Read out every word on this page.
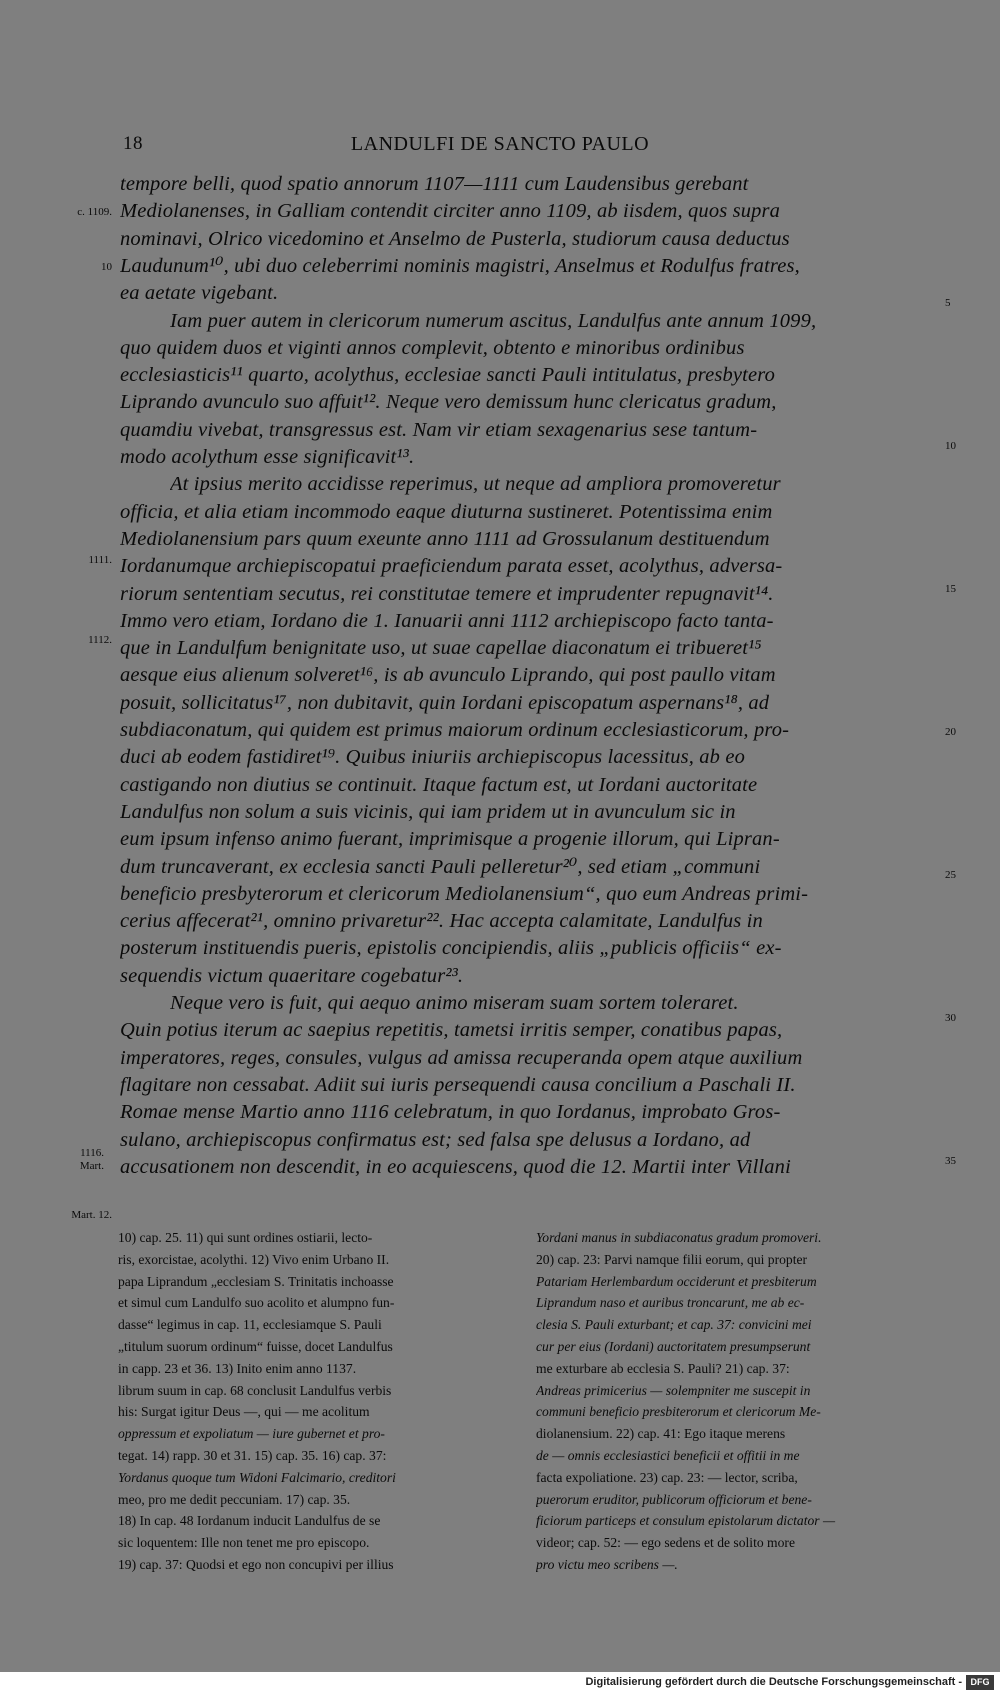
18	LANDULFI DE SANCTO PAULO
tempore belli, quod spatio annorum 1107—1111 cum Laudensibus gerebant
Mediolanenses, in Galliam contendit circiter anno 1109, ab iisdem, quos supra
nominavi, Olrico vicedomino et Anselmo de Pusterla, studiorum causa deductus
Laudunum¹⁰, ubi duo celeberrimi nominis magistri, Anselmus et Rodulfus fratres,
ea aetate vigebant.
Iam puer autem in clericorum numerum ascitus, Landulfus ante annum 1099,
quo quidem duos et viginti annos complevit, obtento e minoribus ordinibus
ecclesiasticis¹¹ quarto, acolythus, ecclesiae sancti Pauli intitulatus, presbytero
Liprando avunculo suo affuit¹². Neque vero demissum hunc clericatus gradum,
quamdiu vivebat, transgressus est. Nam vir etiam sexagenarius sese tantum-
modo acolythum esse significavit¹³.
At ipsius merito accidisse reperimus, ut neque ad ampliora promoveretur
officia, et alia etiam incommodo eaque diuturna sustineret. Potentissima enim
Mediolanensium pars quum exeunte anno 1111 ad Grossulanum destituendum
Iordanumque archiepiscopatui praeficiendum parata esset, acolythus, adversa-
riorum sententiam secutus, rei constitutae temere et imprudenter repugnavit¹⁴.
Immo vero etiam, Iordano die 1. Ianuarii anni 1112 archiepiscopo facto tanta-
que in Landulfum benignitate uso, ut suae capellae diaconatum ei tribueret¹⁵
aesque eius alienum solveret¹⁶, is ab avunculo Liprando, qui post paullo vitam
posuit, sollicitatus¹⁷, non dubitavit, quin Iordani episcopatum aspernans¹⁸, ad
subdiaconatum, qui quidem est primus maiorum ordinum ecclesiasticorum, pro-
duci ab eodem fastidiret¹⁹. Quibus iniuriis archiepiscopus lacessitus, ab eo
castigando non diutius se continuit. Itaque factum est, ut Iordani auctoritate
Landulfus non solum a suis vicinis, qui iam pridem ut in avunculum sic in
eum ipsum infenso animo fuerant, imprimisque a progenie illorum, qui Lipran-
dum truncaverant, ex ecclesia sancti Pauli pelleretur²⁰, sed etiam „communi
beneficio presbyterorum et clericorum Mediolanensium“, quo eum Andreas primi-
cerius affecerat²¹, omnino privaretur²². Hac accepta calamitate, Landulfus in
posterum instituendis pueris, epistolis concipiendis, aliis „publicis officiis“ ex-
sequendis victum quaeritare cogebatur²³.
Neque vero is fuit, qui aequo animo miseram suam sortem toleraret.
Quin potius iterum ac saepius repetitis, tametsi irritis semper, conatibus papas,
imperatores, reges, consules, vulgus ad amissa recuperanda opem atque auxilium
flagitare non cessabat. Adiit sui iuris persequendi causa concilium a Paschali II.
Romae mense Martio anno 1116 celebratum, in quo Iordanus, improbato Gros-
sulano, archiepiscopus confirmatus est; sed falsa spe delusus a Iordano, ad
accusationem non descendit, in eo acquiescens, quod die 12. Martii inter Villani
c. 1109.
10
1111.
1112.
1116. Mart.
Mart. 12.
5
10
15
20
25
30
35
10) cap. 25. 11) qui sunt ordines ostiarii, lecto-
ris, exorcistae, acolythi. 12) Vivo enim Urbano II.
papa Liprandum „ecclesiam S. Trinitatis inchoasse
et simul cum Landulfo suo acolito et alumpno fun-
dasse“ legimus in cap. 11, ecclesiamque S. Pauli
„titulum suorum ordinum“ fuisse, docet Landulfus
in capp. 23 et 36. 13) Inito enim anno 1137.
librum suum in cap. 68 conclusit Landulfus verbis
his: Surgat igitur Deus —, qui — me acolitum
oppressum et expoliatum — iure gubernet et pro-
tegat. 14) rapp. 30 et 31. 15) cap. 35. 16) cap. 37:
Yordanus quoque tum Widoni Falcimario, creditori
meo, pro me dedit peccuniam. 17) cap. 35.
18) In cap. 48 Iordanum inducit Landulfus de se
sic loquentem: Ille non tenet me pro episcopo.
19) cap. 37: Quodsi et ego non concupivi per illius
Yordani manus in subdiaconatus gradum promoveri.
20) cap. 23: Parvi namque filii eorum, qui propter
Patariam Herlembardum occiderunt et presbiterum
Liprandum naso et auribus troncarunt, me ab ec-
clesia S. Pauli exturbant; et cap. 37: convicini mei
cur per eius (Iordani) auctoritatem presumpserunt
me exturbare ab ecclesia S. Pauli? 21) cap. 37:
Andreas primicerius — solempniter me suscepit in
communi beneficio presbiterorum et clericorum Me-
diolanensium. 22) cap. 41: Ego itaque merens
de — omnis ecclesiastici beneficii et offitii in me
facta expoliatione. 23) cap. 23: — lector, scriba,
puerorum eruditor, publicorum officiorum et bene-
ficiorum particeps et consulum epistolarum dictator —
videor; cap. 52: — ego sedens et de solito more
pro victu meo scribens —.
Digitalisierung gefördert durch die Deutsche Forschungsgemeinschaft - DFG
